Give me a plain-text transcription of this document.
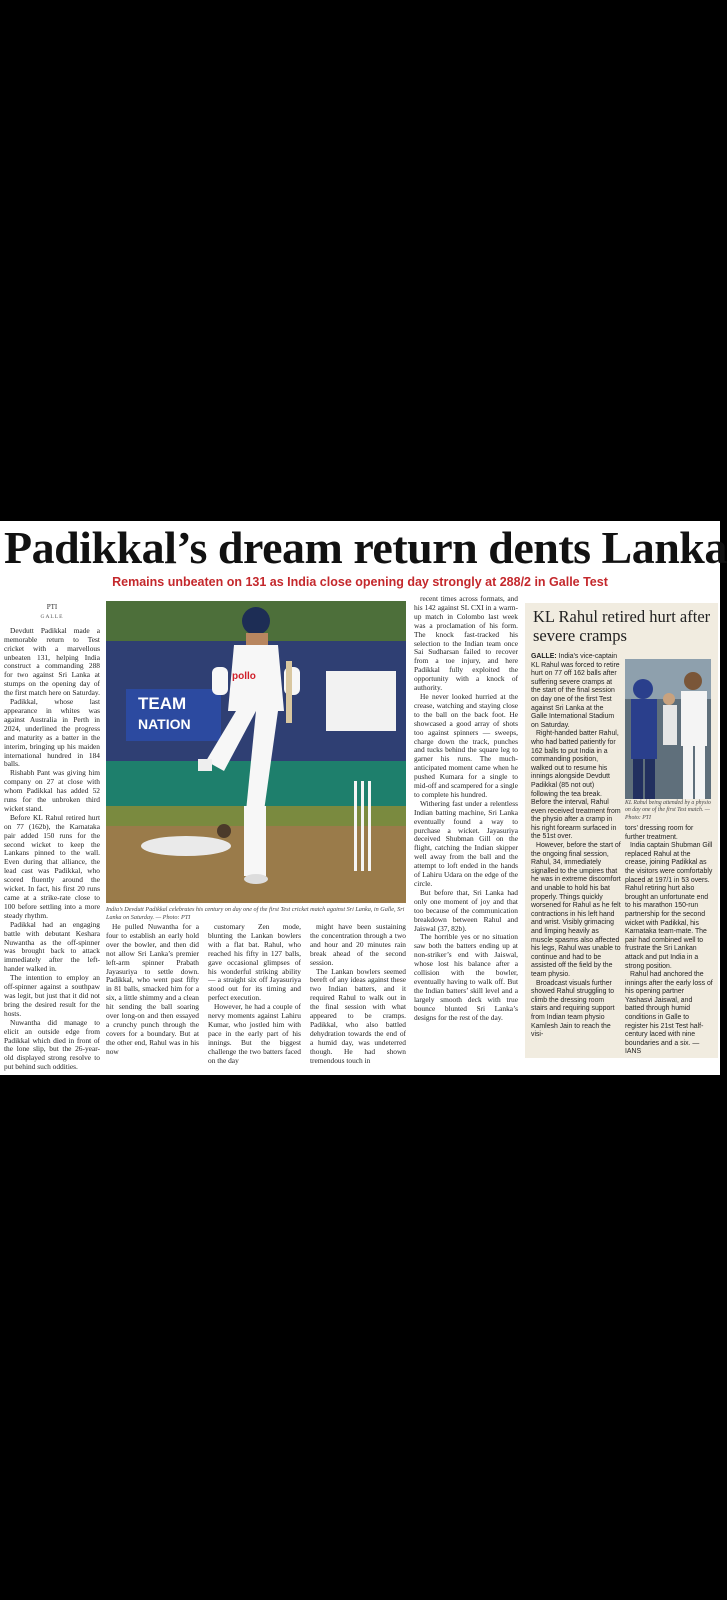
Padikkal’s dream return dents Lanka
Remains unbeaten on 131 as India close opening day strongly at 288/2 in Galle Test
PTI
GALLE

Devdutt Padikkal made a memorable return to Test cricket with a marvellous unbeaten 131, helping India construct a commanding 288 for two against Sri Lanka at stumps on the opening day of the first match here on Saturday.

Padikkal, whose last appearance in whites was against Australia in Perth in 2024, underlined the progress and maturity as a batter in the interim, bringing up his maiden international hundred in 184 balls.

Rishabh Pant was giving him company on 27 at close with whom Padikkal has added 52 runs for the unbroken third wicket stand.

Before KL Rahul retired hurt on 77 (162b), the Karnataka pair added 150 runs for the second wicket to keep the Lankans pinned to the wall. Even during that alliance, the lead cast was Padikkal, who scored fluently around the wicket. In fact, his first 20 runs came at a strike-rate close to 100 before settling into a more steady rhythm.

Padikkal had an engaging battle with debutant Keshara Nuwantha as the off-spinner was brought back to attack immediately after the left-hander walked in.

The intention to employ an off-spinner against a southpaw was legit, but just that it did not bring the desired result for the hosts.

Nuwantha did manage to elicit an outside edge from Padikkal which died in front of the lone slip, but the 26-year-old displayed strong resolve to put behind such oddities.

TEAM
NATION
pollo
India’s Devdutt Padikkal celebrates his century on day one of the first Test cricket match against Sri Lanka, in Galle, Sri Lanka on Saturday. — Photo: PTI

He pulled Nuwantha for a four to establish an early hold over the bowler, and then did not allow Sri Lanka’s premier left-arm spinner Prabath Jayasuriya to settle down. Padikkal, who went past fifty in 81 balls, smacked him for a six, a little shimmy and a clean hit sending the ball soaring over long-on and then essayed a crunchy punch through the covers for a boundary. But at the other end, Rahul was in his now

customary Zen mode, blunting the Lankan bowlers with a flat bat. Rahul, who reached his fifty in 127 balls, gave occasional glimpses of his wonderful striking ability— a straight six off Jayasuriya stood out for its timing and perfect execution.

However, he had a couple of nervy moments against Lahiru Kumar, who jostled him with pace in the early part of his innings. But the biggest challenge the two batters faced on the day

might have been sustaining the concentration through a two and hour and 20 minutes rain break ahead of the second session.

The Lankan bowlers seemed bereft of any ideas against these two Indian batters, and it required Rahul to walk out in the final session with what appeared to be cramps. Padikkal, who also battled dehydration towards the end of a humid day, was undeterred though. He had shown tremendous touch in

recent times across formats, and his 142 against SL CXI in a warm-up match in Colombo last week was a proclamation of his form. The knock fast-tracked his selection to the Indian team once Sai Sudharsan failed to recover from a toe injury, and here Padikkal fully exploited the opportunity with a knock of authority.

He never looked hurried at the crease, watching and staying close to the ball on the back foot. He showcased a good array of shots too against spinners — sweeps, charge down the track, punches and tucks behind the square leg to garner his runs. The much-anticipated moment came when he pushed Kumara for a single to mid-off and scampered for a single to complete his hundred.

Withering fast under a relentless Indian batting machine, Sri Lanka eventually found a way to purchase a wicket. Jayasuriya deceived Shubman Gill on the flight, catching the Indian skipper well away from the ball and the attempt to loft ended in the hands of Lahiru Udara on the edge of the circle.

But before that, Sri Lanka had only one moment of joy and that too because of the communication breakdown between Rahul and Jaiswal (37, 82b).

The horrible yes or no situation saw both the batters ending up at non-striker’s end with Jaiswal, whose lost his balance after a collision with the bowler, eventually having to walk off. But the Indian batters’ skill level and a largely smooth deck with true bounce blunted Sri Lanka’s designs for the rest of the day.

KL Rahul retired hurt after severe cramps

GALLE: India’s vice-captain KL Rahul was forced to retire hurt on 77 off 162 balls after suffering severe cramps at the start of the final session on day one of the first Test against Sri Lanka at the Galle International Stadium on Saturday.

Right-handed batter Rahul, who had batted patiently for 162 balls to put India in a commanding position, walked out to resume his innings alongside Devdutt Padikkal (85 not out) following the tea break. Before the interval, Rahul even received treatment from the physio after a cramp in his right forearm surfaced in the 51st over.

However, before the start of the ongoing final session, Rahul, 34, immediately signalled to the umpires that he was in extreme discomfort and unable to hold his bat properly. Things quickly worsened for Rahul as he felt contractions in his left hand and wrist. Visibly grimacing and limping heavily as muscle spasms also affected his legs, Rahul was unable to continue and had to be assisted off the field by the team physio.

Broadcast visuals further showed Rahul struggling to climb the dressing room stairs and requiring support from Indian team physio Kamlesh Jain to reach the visi-

KL Rahul being attended by a physio on day one of the first Test match. — Photo: PTI

tors’ dressing room for further treatment.

India captain Shubman Gill replaced Rahul at the crease, joining Padikkal as the visitors were comfortably placed at 197/1 in 53 overs. Rahul retiring hurt also brought an unfortunate end to his marathon 150-run partnership for the second wicket with Padikkal, his Karnataka team-mate. The pair had combined well to frustrate the Sri Lankan attack and put India in a strong position.

Rahul had anchored the innings after the early loss of his opening partner Yashasvi Jaiswal, and batted through humid conditions in Galle to register his 21st Test half-century laced with nine boundaries and a six. — IANS
